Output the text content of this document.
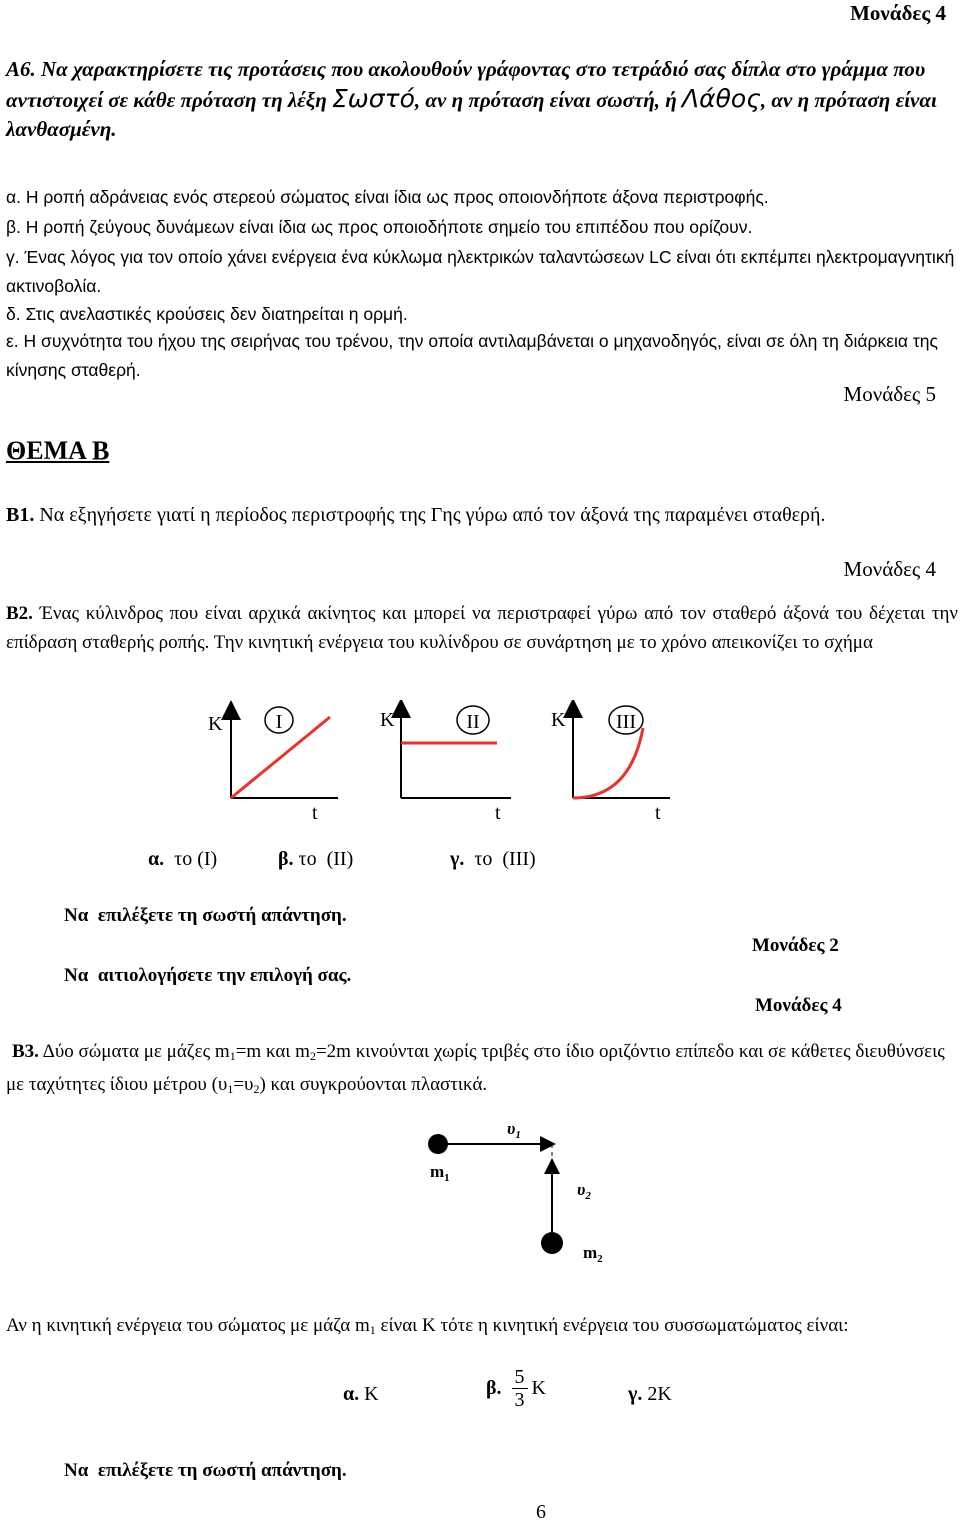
Μονάδες 4
Α6. Να χαρακτηρίσετε τις προτάσεις που ακολουθούν γράφοντας στο τετράδιό σας δίπλα στο γράμμα που αντιστοιχεί σε κάθε πρόταση τη λέξη Σωστό, αν η πρόταση είναι σωστή, ή Λάθος, αν η πρόταση είναι λανθασμένη.
α. Η ροπή αδράνειας ενός στερεού σώματος είναι ίδια ως προς οποιονδήποτε άξονα περιστροφής.
β. Η ροπή ζεύγους δυνάμεων είναι ίδια ως προς οποιοδήποτε σημείο του επιπέδου που ορίζουν.
γ. Ένας λόγος για τον οποίο χάνει ενέργεια ένα κύκλωμα ηλεκτρικών ταλαντώσεων LC είναι ότι εκπέμπει ηλεκτρομαγνητική ακτινοβολία.
δ. Στις ανελαστικές κρούσεις δεν διατηρείται η ορμή.
ε. Η συχνότητα του ήχου της σειρήνας του τρένου, την οποία αντιλαμβάνεται ο μηχανοδηγός, είναι σε όλη τη διάρκεια της κίνησης σταθερή.
Μονάδες 5
ΘΕΜΑ Β
Β1. Να εξηγήσετε γιατί η περίοδος περιστροφής της Γης γύρω από τον άξονά της παραμένει σταθερή.
Μονάδες 4
Β2. Ένας κύλινδρος που είναι αρχικά ακίνητος και μπορεί να περιστραφεί γύρω από τον σταθερό άξονά του δέχεται την επίδραση σταθερής ροπής. Την κινητική ενέργεια του κυλίνδρου σε συνάρτηση με το χρόνο απεικονίζει το σχήμα
K
t
I	K
t
II	K
t
III
α.  το (Ι)	β. το  (ΙΙ)	γ.  το  (ΙΙΙ)
Να  επιλέξετε τη σωστή απάντηση.
Μονάδες 2
Να  αιτιολογήσετε την επιλογή σας.
Μονάδες 4
Β3. Δύο σώματα με μάζες $m_1=m$ και $m_2=2m$ κινούνται χωρίς τριβές στο ίδιο οριζόντιο επίπεδο και σε κάθετες διευθύνσεις με ταχύτητες ίδιου μέτρου $(\upsilon_1=\upsilon_2)$ και συγκρούονται πλαστικά.
$\upsilon_1$
$m_1$
$\upsilon_2$
$m_2$
Αν η κινητική ενέργεια του σώματος με μάζα $m_1$ είναι Κ τότε η κινητική ενέργεια του συσσωματώματος είναι:
α. Κ	β. 5
3
K	γ. 2Κ
Να  επιλέξετε τη σωστή απάντηση.
6
